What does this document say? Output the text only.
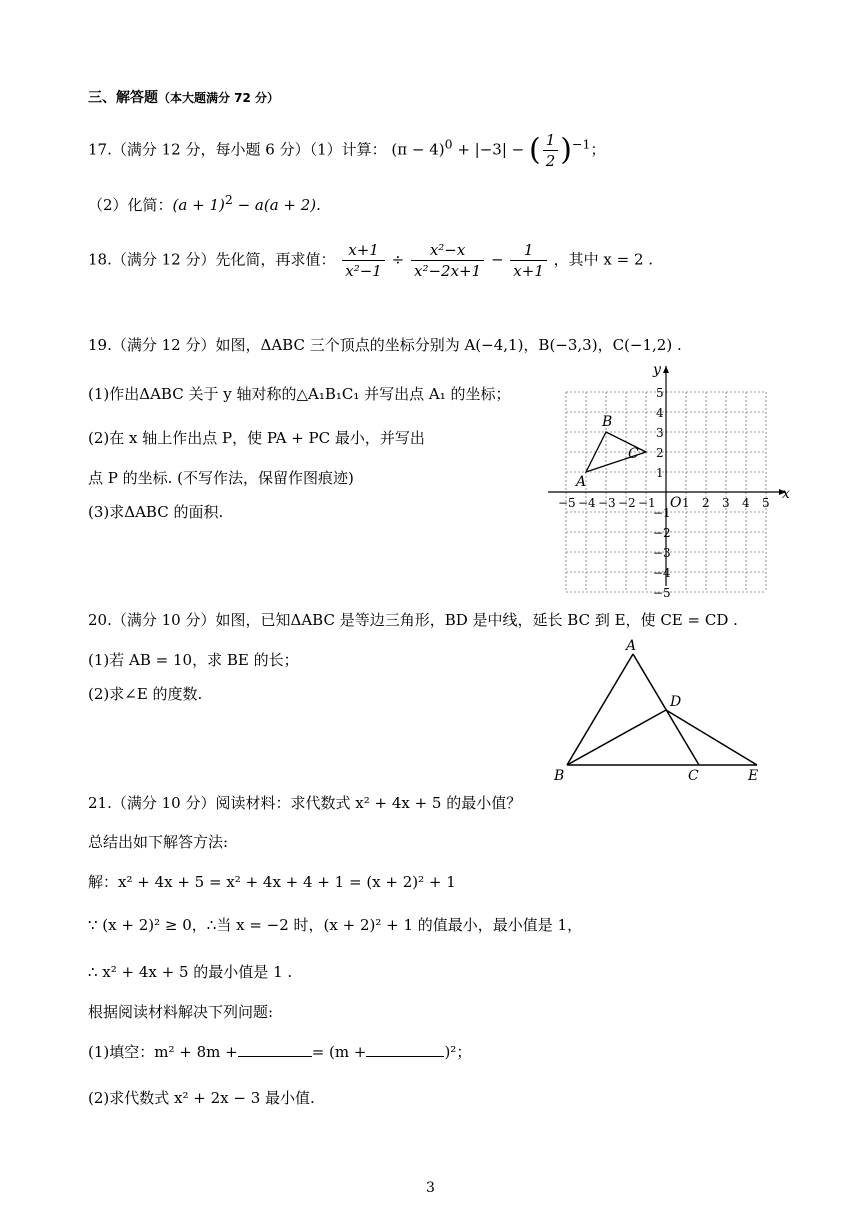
三、解答题（本大题满分 72 分）
17.（满分 12 分，每小题 6 分）（1）计算： $(\pi - 4)^0 + |-3|$ − ( $\frac{1}{2} )^{-1}$；
（2）化简：$(a + 1)^2 - a(a + 2)$.
18.（满分 12 分）先化简，再求值： $\frac{x+1}{\text{x²−1}} \div \frac{\text{x²−x}}{\text{x²−2x+1}} - \frac{1}{x+1}$ ，其中 x = 2 .
19.（满分 12 分）如图，ΔABC 三个顶点的坐标分别为 A(−4,1)，B(−3,3)，C(−1,2) .
(1)作出ΔABC 关于 y 轴对称的△A₁B₁C₁ 并写出点 A₁ 的坐标；
(2)在 x 轴上作出点 P，使 PA + PC 最小，并写出
点 P 的坐标. (不写作法，保留作图痕迹)
(3)求ΔABC 的面积.
x
y
O
−5 −4 −3 −2 −1 1 2 3 4 5
5
4
3
2
1
−1
−2
−3
−4
−5
A
B
C
20.（满分 10 分）如图，已知ΔABC 是等边三角形，BD 是中线，延长 BC 到 E，使 CE = CD .
(1)若 AB = 10，求 BE 的长；
(2)求∠E 的度数.
A
B	C
D
E
21.（满分 10 分）阅读材料：求代数式 x² + 4x + 5 的最小值？
总结出如下解答方法:
解：x² + 4x + 5 = x² + 4x + 4 + 1 = (x + 2)² + 1
∵ (x + 2)² ≥ 0，∴当 x = −2 时，(x + 2)² + 1 的值最小，最小值是 1，
∴ x² + 4x + 5 的最小值是 1 .
根据阅读材料解决下列问题:
(1)填空：m² + 8m +	= (m +	)²；
(2)求代数式 x² + 2x − 3 最小值.
3
